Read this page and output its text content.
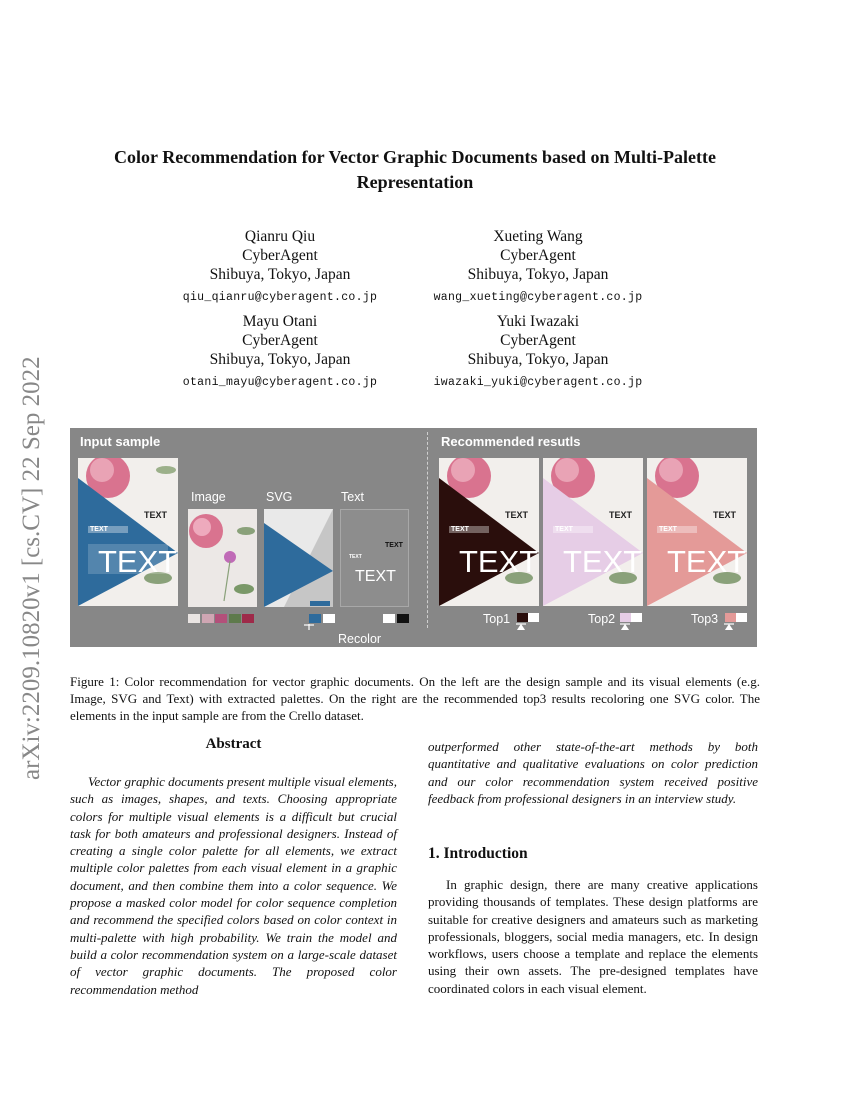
arXiv:2209.10820v1 [cs.CV] 22 Sep 2022
Color Recommendation for Vector Graphic Documents based on Multi-Palette Representation
Qianru Qiu
CyberAgent
Shibuya, Tokyo, Japan
qiu_qianru@cyberagent.co.jp
Xueting Wang
CyberAgent
Shibuya, Tokyo, Japan
wang_xueting@cyberagent.co.jp
Mayu Otani
CyberAgent
Shibuya, Tokyo, Japan
otani_mayu@cyberagent.co.jp
Yuki Iwazaki
CyberAgent
Shibuya, Tokyo, Japan
iwazaki_yuki@cyberagent.co.jp
Input sample	Recommended resutls
TEXT
TEXT
TEXT
Image	SVG	Text
TEXT
TEXT
TEXT
TEXT
TEXT
TEXT
TEXT
TEXT
TEXT
TEXT
TEXT
TEXT
Top1	Top2	Top3
Recolor
Figure 1: Color recommendation for vector graphic documents. On the left are the design sample and its visual elements (e.g. Image, SVG and Text) with extracted palettes. On the right are the recommended top3 results recoloring one SVG color. The elements in the input sample are from the Crello dataset.
Abstract
Vector graphic documents present multiple visual elements, such as images, shapes, and texts. Choosing appropriate colors for multiple visual elements is a difficult but crucial task for both amateurs and professional designers. Instead of creating a single color palette for all elements, we extract multiple color palettes from each visual element in a graphic document, and then combine them into a color sequence. We propose a masked color model for color sequence completion and recommend the specified colors based on color context in multi-palette with high probability. We train the model and build a color recommendation system on a large-scale dataset of vector graphic documents. The proposed color recommendation method
outperformed other state-of-the-art methods by both quantitative and qualitative evaluations on color prediction and our color recommendation system received positive feedback from professional designers in an interview study.
1. Introduction
In graphic design, there are many creative applications providing thousands of templates. These design platforms are suitable for creative designers and amateurs such as marketing professionals, bloggers, social media managers, etc. In design workflows, users choose a template and replace the elements using their own assets. The pre-designed templates have coordinated colors in each visual element.
